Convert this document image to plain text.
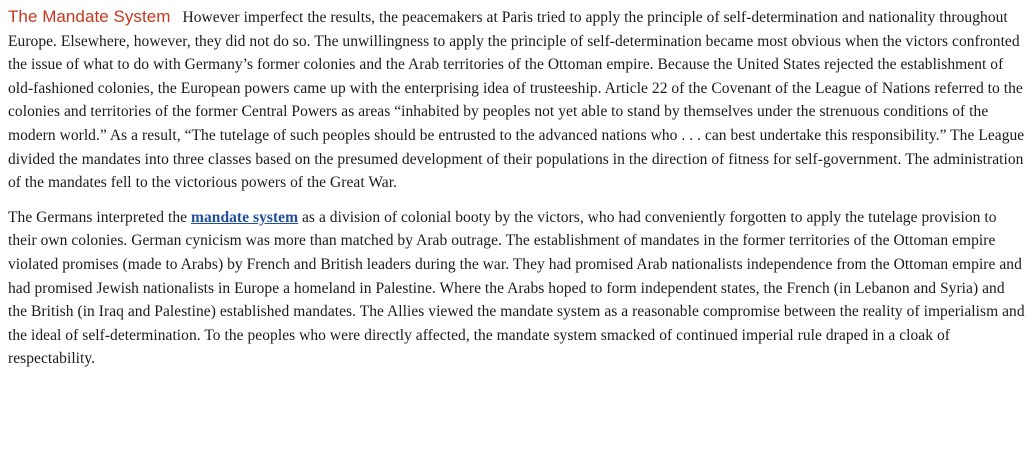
The Mandate System However imperfect the results, the peacemakers at Paris tried to apply the principle of self-determination and nationality throughout Europe. Elsewhere, however, they did not do so. The unwillingness to apply the principle of self-determination became most obvious when the victors confronted the issue of what to do with Germany’s former colonies and the Arab territories of the Ottoman empire. Because the United States rejected the establishment of old-fashioned colonies, the European powers came up with the enterprising idea of trusteeship. Article 22 of the Covenant of the League of Nations referred to the colonies and territories of the former Central Powers as areas “inhabited by peoples not yet able to stand by themselves under the strenuous conditions of the modern world.” As a result, “The tutelage of such peoples should be entrusted to the advanced nations who . . . can best undertake this responsibility.” The League divided the mandates into three classes based on the presumed development of their populations in the direction of fitness for self-government. The administration of the mandates fell to the victorious powers of the Great War.

The Germans interpreted the mandate system as a division of colonial booty by the victors, who had conveniently forgotten to apply the tutelage provision to their own colonies. German cynicism was more than matched by Arab outrage. The establishment of mandates in the former territories of the Ottoman empire violated promises (made to Arabs) by French and British leaders during the war. They had promised Arab nationalists independence from the Ottoman empire and had promised Jewish nationalists in Europe a homeland in Palestine. Where the Arabs hoped to form independent states, the French (in Lebanon and Syria) and the British (in Iraq and Palestine) established mandates. The Allies viewed the mandate system as a reasonable compromise between the reality of imperialism and the ideal of self-determination. To the peoples who were directly affected, the mandate system smacked of continued imperial rule draped in a cloak of respectability.
